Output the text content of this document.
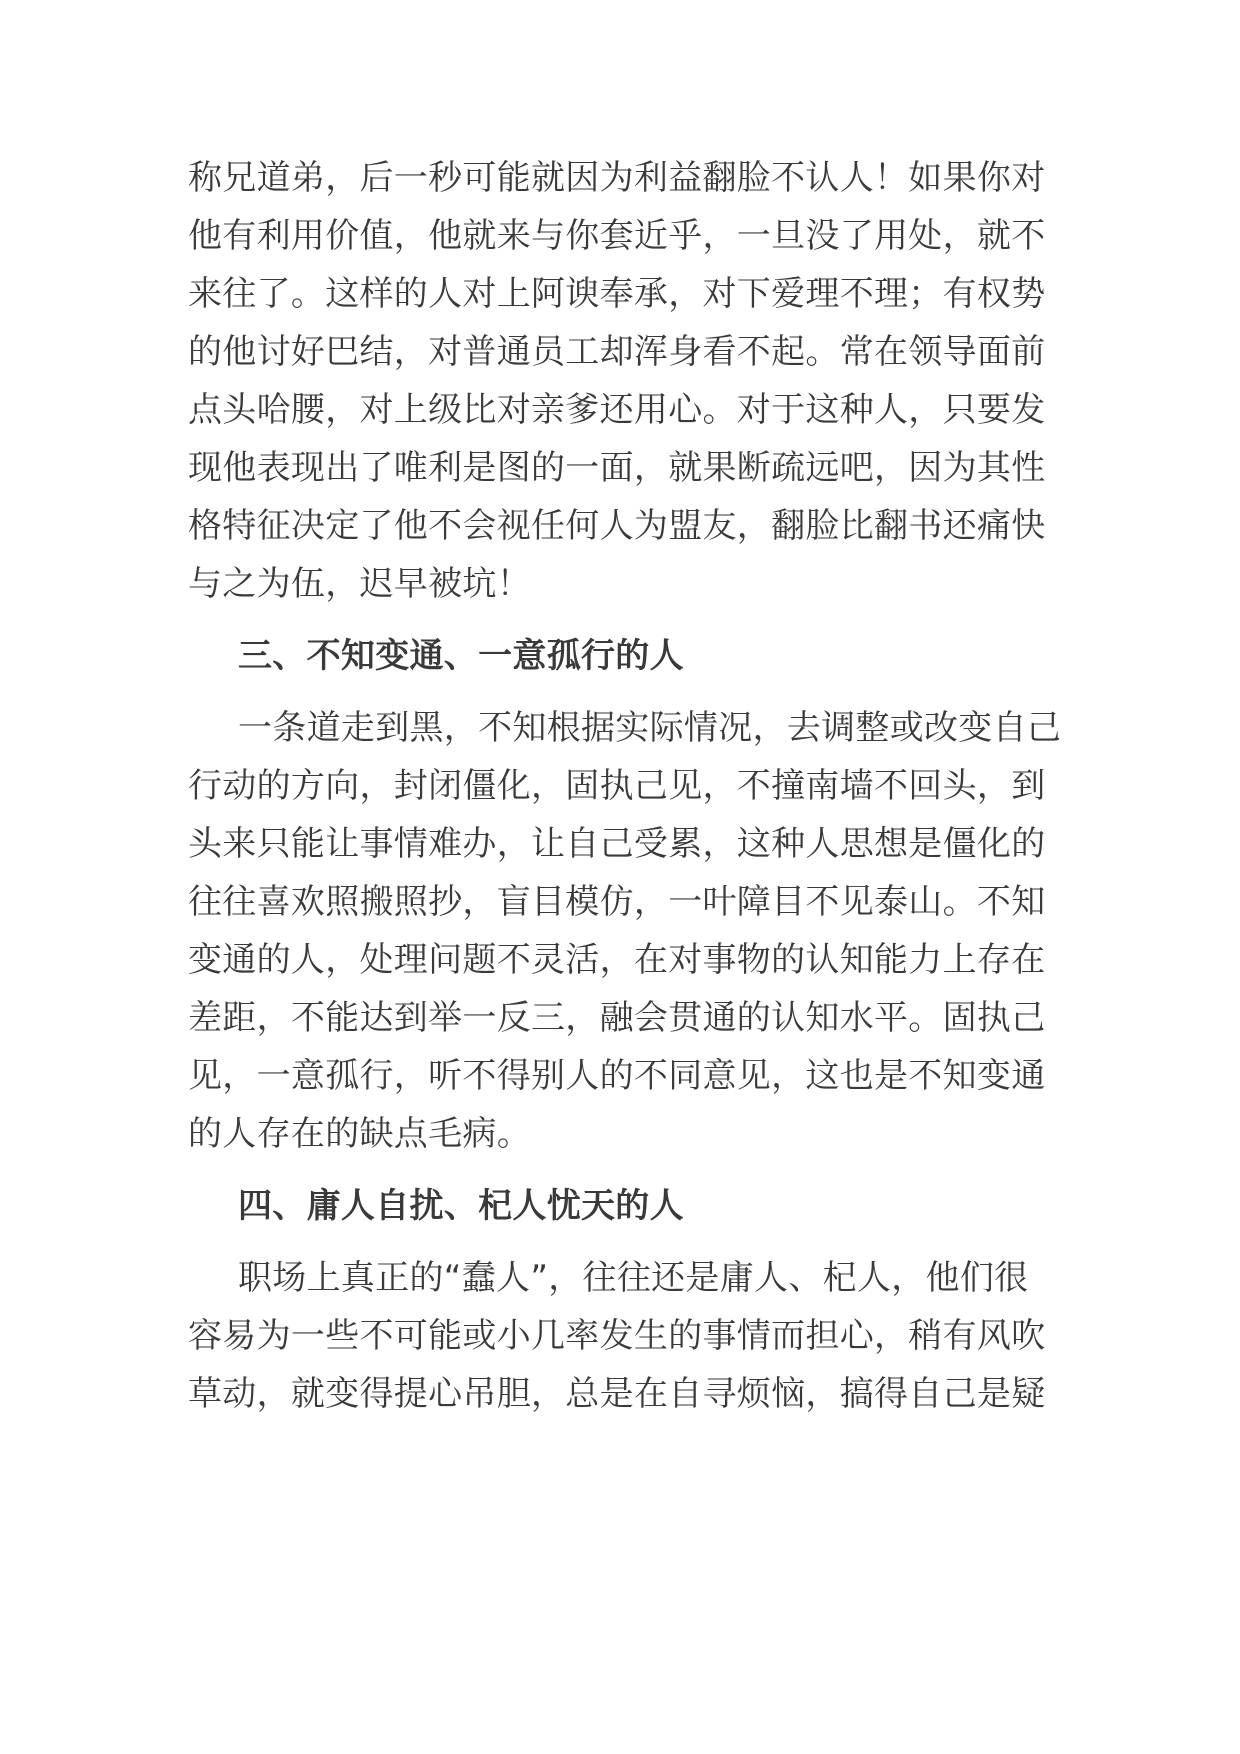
称兄道弟，后一秒可能就因为利益翻脸不认人！如果你对
他有利用价值，他就来与你套近乎，一旦没了用处，就不
来往了。这样的人对上阿谀奉承，对下爱理不理；有权势
的他讨好巴结，对普通员工却浑身看不起。常在领导面前
点头哈腰，对上级比对亲爹还用心。对于这种人，只要发
现他表现出了唯利是图的一面，就果断疏远吧，因为其性
格特征决定了他不会视任何人为盟友，翻脸比翻书还痛快
与之为伍，迟早被坑！
三、不知变通、一意孤行的人
一条道走到黑，不知根据实际情况，去调整或改变自己
行动的方向，封闭僵化，固执己见，不撞南墙不回头，到
头来只能让事情难办，让自己受累，这种人思想是僵化的
往往喜欢照搬照抄，盲目模仿，一叶障目不见泰山。不知
变通的人，处理问题不灵活，在对事物的认知能力上存在
差距，不能达到举一反三，融会贯通的认知水平。固执己
见，一意孤行，听不得别人的不同意见，这也是不知变通
的人存在的缺点毛病。
四、庸人自扰、杞人忧天的人
职场上真正的“蠢人”，往往还是庸人、杞人，他们很
容易为一些不可能或小几率发生的事情而担心，稍有风吹
草动，就变得提心吊胆，总是在自寻烦恼，搞得自己是疑
